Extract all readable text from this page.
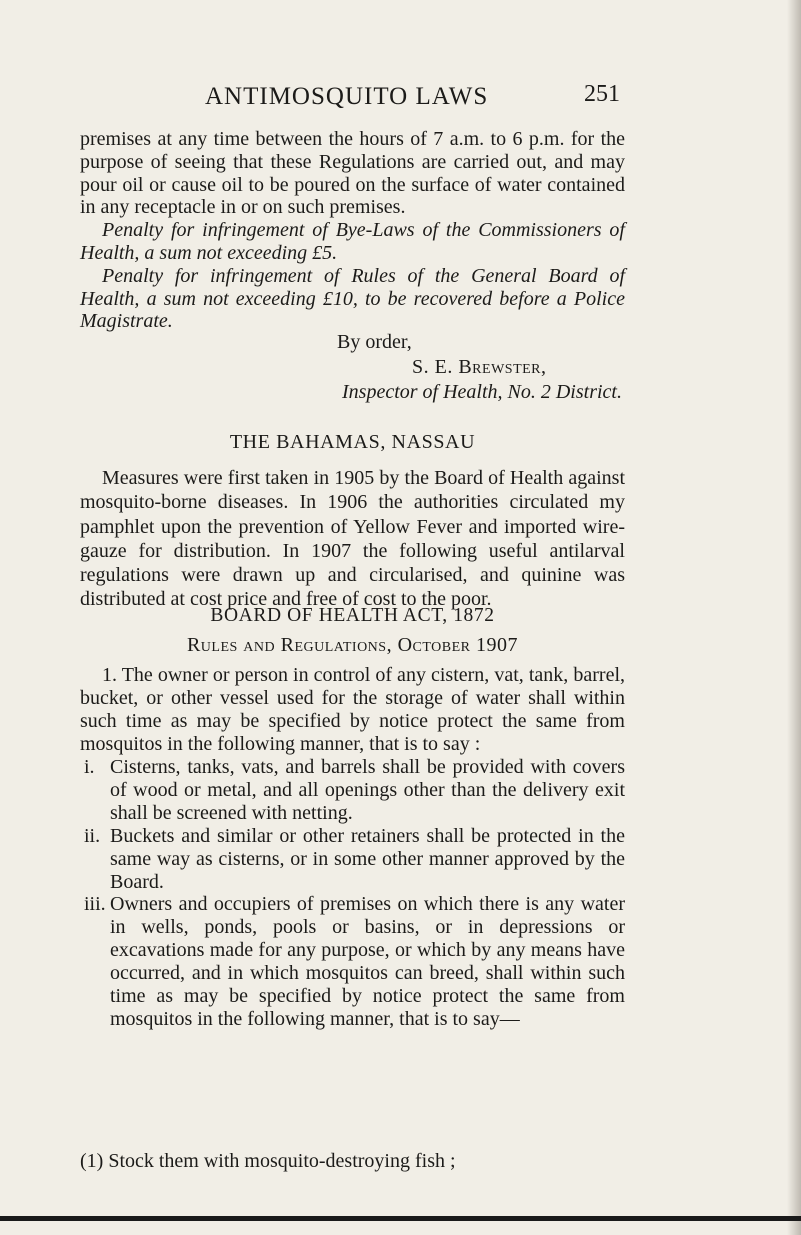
ANTIMOSQUITO LAWS	251

premises at any time between the hours of 7 a.m. to 6 p.m. for the purpose of seeing that these Regulations are carried out, and may pour oil or cause oil to be poured on the surface of water contained in any receptacle in or on such premises.

Penalty for infringement of Bye-Laws of the Commissioners of Health, a sum not exceeding £5.

Penalty for infringement of Rules of the General Board of Health, a sum not exceeding £10, to be recovered before a Police Magistrate.

By order,
S. E. Brewster,
Inspector of Health, No. 2 District.
THE BAHAMAS, NASSAU

Measures were first taken in 1905 by the Board of Health against mosquito-borne diseases. In 1906 the authorities circulated my pamphlet upon the prevention of Yellow Fever and imported wire-gauze for distribution. In 1907 the following useful antilarval regulations were drawn up and circularised, and quinine was distributed at cost price and free of cost to the poor.

BOARD OF HEALTH ACT, 1872
Rules and Regulations, October 1907

1. The owner or person in control of any cistern, vat, tank, barrel, bucket, or other vessel used for the storage of water shall within such time as may be specified by notice protect the same from mosquitos in the following manner, that is to say :

i. Cisterns, tanks, vats, and barrels shall be provided with covers of wood or metal, and all openings other than the delivery exit shall be screened with netting.
ii. Buckets and similar or other retainers shall be protected in the same way as cisterns, or in some other manner approved by the Board.
iii. Owners and occupiers of premises on which there is any water in wells, ponds, pools or basins, or in depressions or excavations made for any purpose, or which by any means have occurred, and in which mosquitos can breed, shall within such time as may be specified by notice protect the same from mosquitos in the following manner, that is to say—
(1) Stock them with mosquito-destroying fish ;
